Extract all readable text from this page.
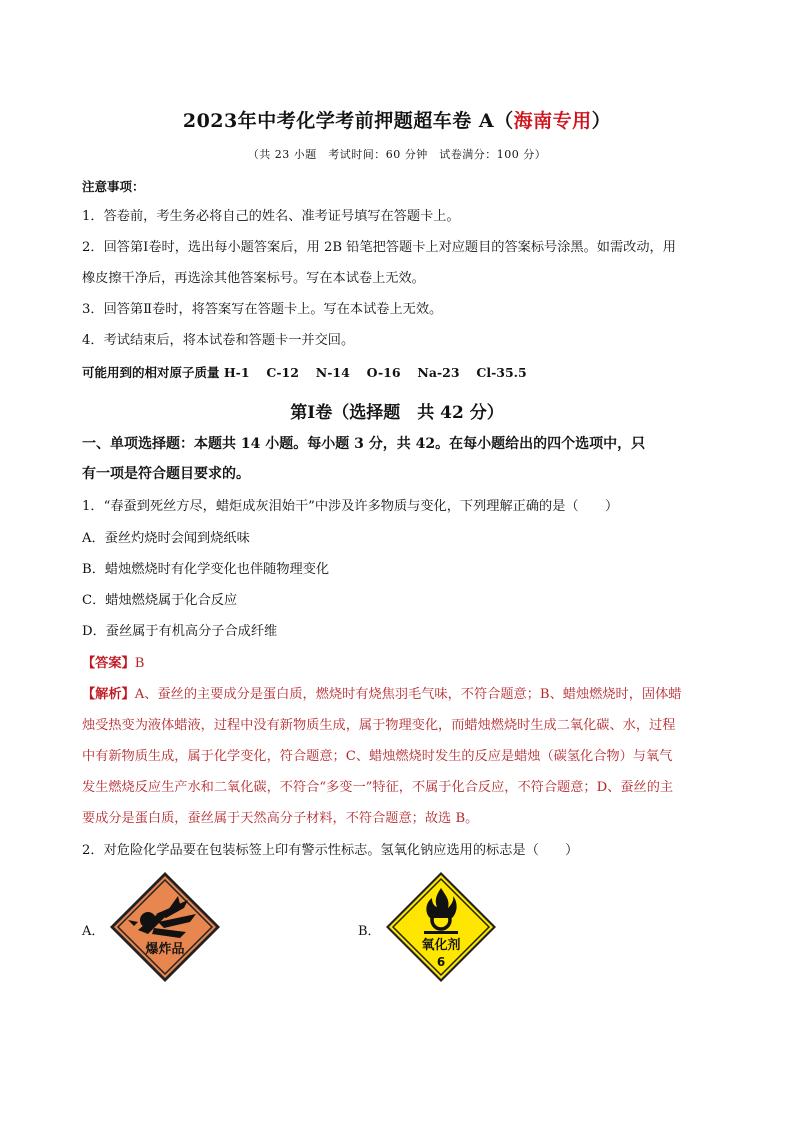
2023年中考化学考前押题超车卷 A（海南专用）
（共 23 小题　考试时间：60 分钟　试卷满分：100 分）
注意事项：
1．答卷前，考生务必将自己的姓名、准考证号填写在答题卡上。
2．回答第Ⅰ卷时，选出每小题答案后，用 2B 铅笔把答题卡上对应题目的答案标号涂黑。如需改动，用
橡皮擦干净后，再选涂其他答案标号。写在本试卷上无效。
3．回答第Ⅱ卷时，将答案写在答题卡上。写在本试卷上无效。
4．考试结束后，将本试卷和答题卡一并交回。
可能用到的相对原子质量 H-1　 C-12　 N-14　 O-16　 Na-23　 Cl-35.5
第Ⅰ卷（选择题　共 42 分）
一、单项选择题：本题共 14 小题。每小题 3 分，共 42。在每小题给出的四个选项中，只
有一项是符合题目要求的。
1．“春蚕到死丝方尽，蜡炬成灰泪始干”中涉及许多物质与变化，下列理解正确的是（　　）
A．蚕丝灼烧时会闻到烧纸味
B．蜡烛燃烧时有化学变化也伴随物理变化
C．蜡烛燃烧属于化合反应
D．蚕丝属于有机高分子合成纤维
【答案】B
【解析】A、蚕丝的主要成分是蛋白质，燃烧时有烧焦羽毛气味，不符合题意；B、蜡烛燃烧时，固体蜡
烛受热变为液体蜡液，过程中没有新物质生成，属于物理变化，而蜡烛燃烧时生成二氧化碳、水，过程
中有新物质生成，属于化学变化，符合题意；C、蜡烛燃烧时发生的反应是蜡烛（碳氢化合物）与氧气
发生燃烧反应生产水和二氧化碳，不符合“多变一”特征，不属于化合反应，不符合题意；D、蚕丝的主
要成分是蛋白质，蚕丝属于天然高分子材料，不符合题意；故选 B。
2．对危险化学品要在包装标签上印有警示性标志。氢氧化钠应选用的标志是（　　）
A．
爆炸品
B．
氧化剂
6
